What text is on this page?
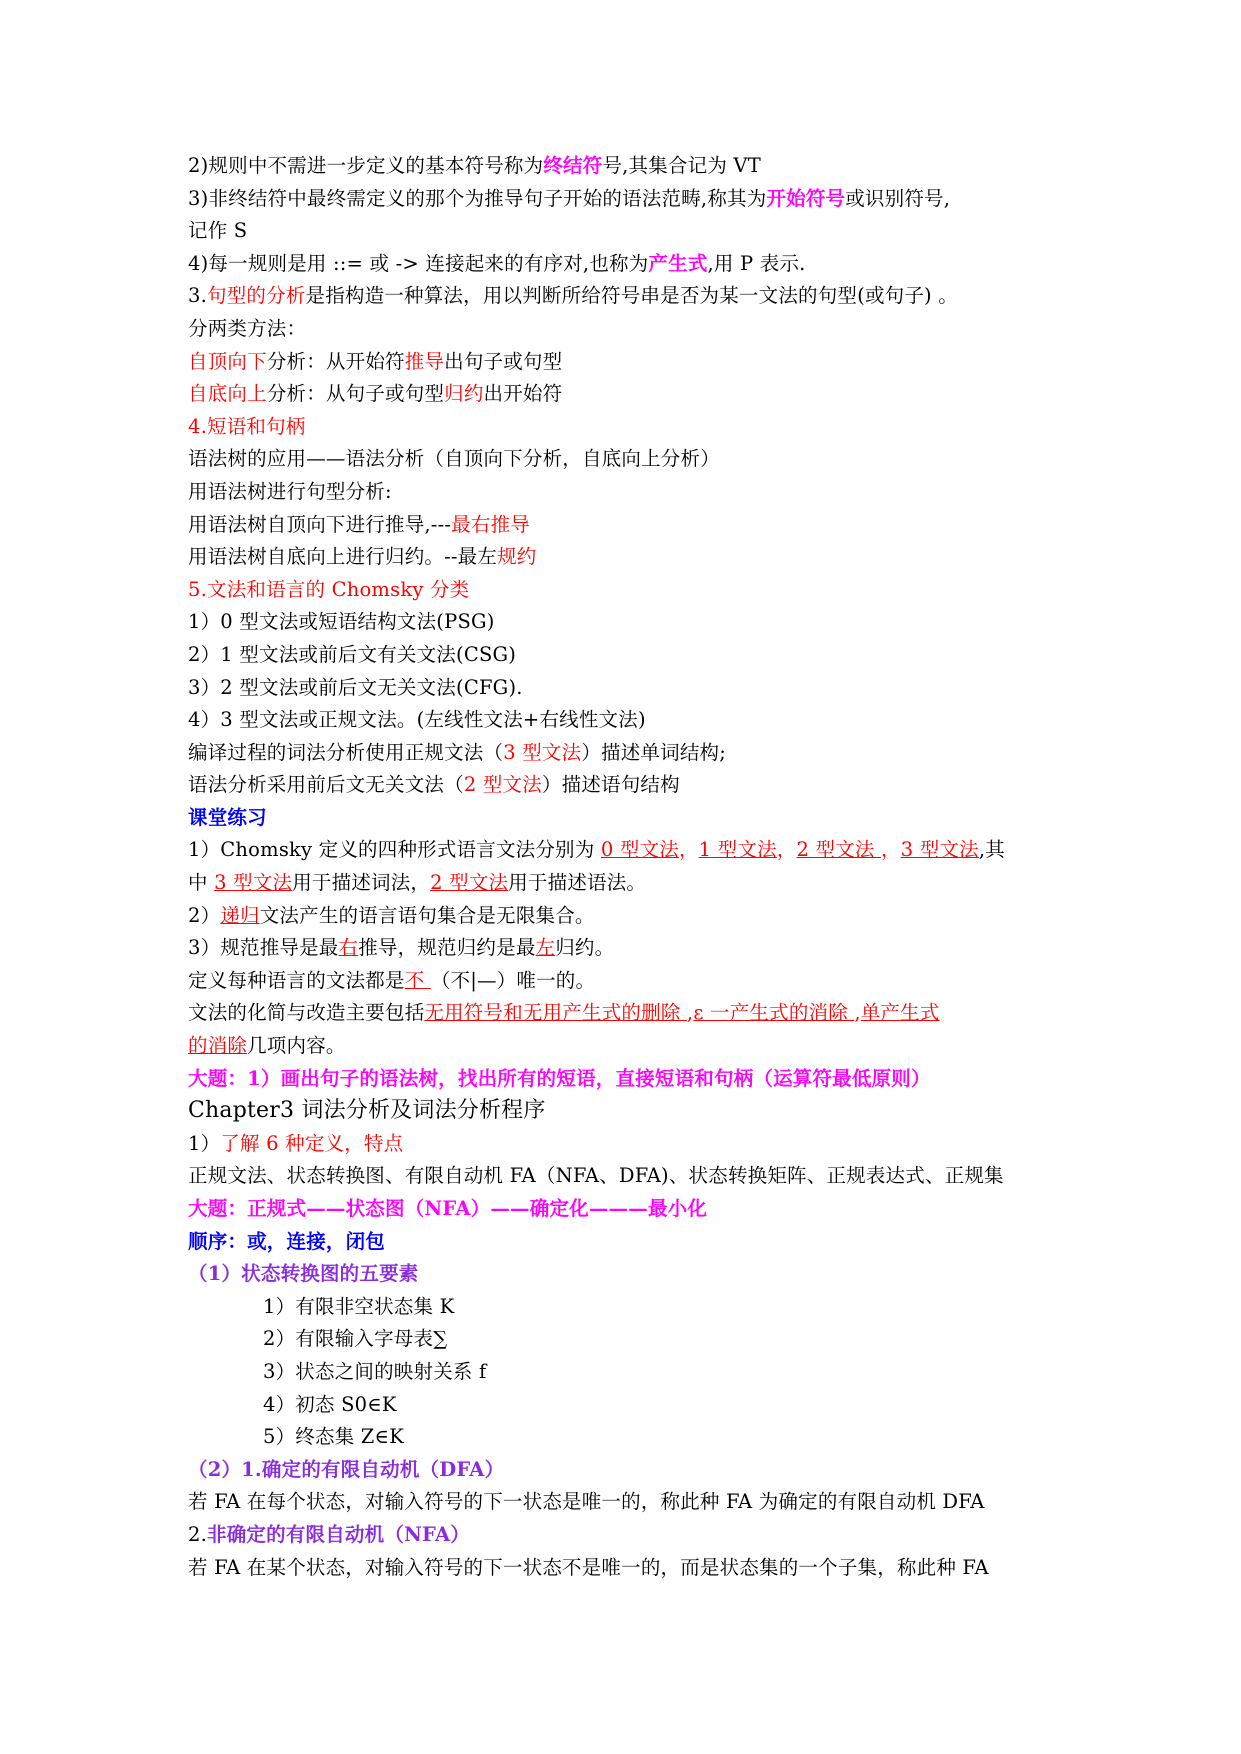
2)规则中不需进一步定义的基本符号称为终结符号,其集合记为 VT
3)非终结符中最终需定义的那个为推导句子开始的语法范畴,称其为开始符号或识别符号,
记作 S
4)每一规则是用 ::= 或 -> 连接起来的有序对,也称为产生式,用 P 表示.
3.句型的分析是指构造一种算法，用以判断所给符号串是否为某一文法的句型(或句子) 。
分两类方法：
自顶向下分析：从开始符推导出句子或句型
自底向上分析：从句子或句型归约出开始符
4.短语和句柄
语法树的应用——语法分析（自顶向下分析，自底向上分析）
用语法树进行句型分析:
用语法树自顶向下进行推导,---最右推导
用语法树自底向上进行归约。--最左规约
5.文法和语言的 Chomsky 分类
1）0 型文法或短语结构文法(PSG)
2）1 型文法或前后文有关文法(CSG)
3）2 型文法或前后文无关文法(CFG).
4）3 型文法或正规文法。(左线性文法+右线性文法)
编译过程的词法分析使用正规文法（3 型文法）描述单词结构;
语法分析采用前后文无关文法（2 型文法）描述语句结构
课堂练习
1）Chomsky 定义的四种形式语言文法分别为 0 型文法，1 型文法，2 型文法 ，3 型文法,其
中 3 型文法用于描述词法，2 型文法用于描述语法。
2）递归文法产生的语言语句集合是无限集合。
3）规范推导是最右推导，规范归约是最左归约。
定义每种语言的文法都是不 （不|—）唯一的。
文法的化简与改造主要包括无用符号和无用产生式的删除 ,ε 一产生式的消除 ,单产生式
的消除几项内容。
大题：1）画出句子的语法树，找出所有的短语，直接短语和句柄（运算符最低原则）
Chapter3 词法分析及词法分析程序
1）了解 6 种定义，特点
正规文法、状态转换图、有限自动机 FA（NFA、DFA)、状态转换矩阵、正规表达式、正规集
大题：正规式——状态图（NFA）——确定化———最小化
顺序：或，连接，闭包
（1）状态转换图的五要素
1）有限非空状态集 K
2）有限输入字母表∑
3）状态之间的映射关系 f
4）初态 S0∈K
5）终态集 Z∈K
（2）1.确定的有限自动机（DFA）
若 FA 在每个状态，对输入符号的下一状态是唯一的，称此种 FA 为确定的有限自动机 DFA
2.非确定的有限自动机（NFA）
若 FA 在某个状态，对输入符号的下一状态不是唯一的，而是状态集的一个子集，称此种 FA
